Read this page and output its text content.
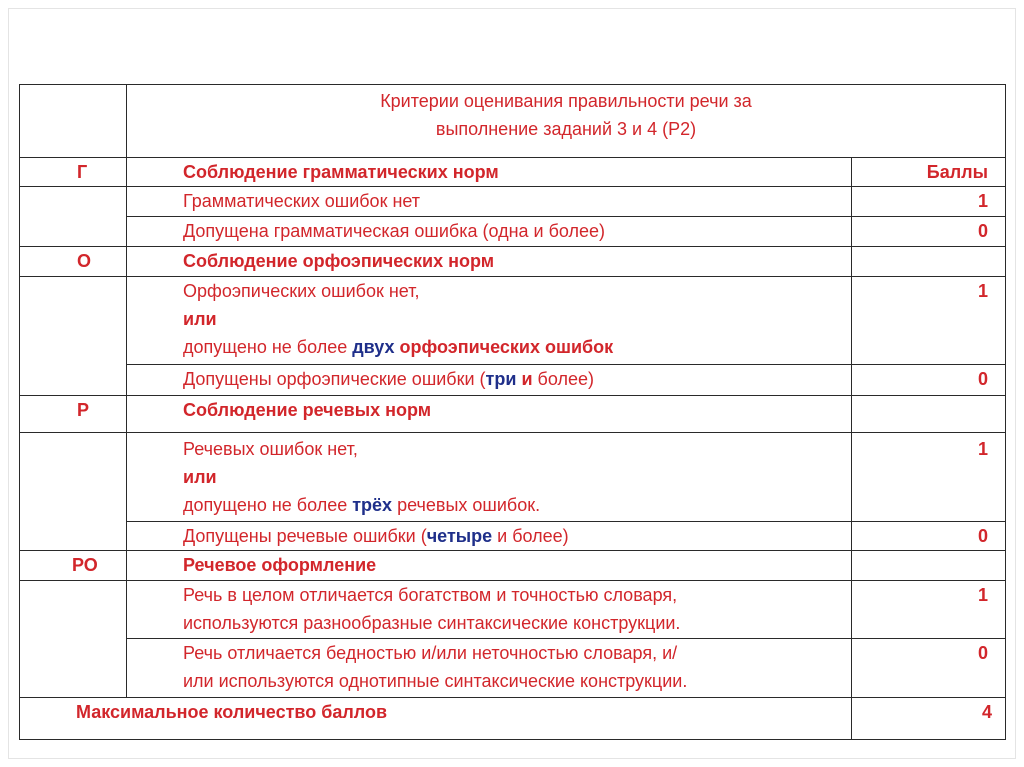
	Критерии оценивания правильности речи за
выполнение заданий 3 и 4 (Р2)	

Г	Соблюдение грамматических норм	Баллы
	Грамматических ошибок нет	1
	Допущена грамматическая ошибка (одна и более)	0
О	Соблюдение орфоэпических норм	

	Орфоэпических ошибок нет,
или
допущено не более двух орфоэпических ошибок	1
	Допущены орфоэпические ошибки (три и более)	0
Р	Соблюдение речевых норм	

	Речевых ошибок нет,
или
допущено не более трёх речевых ошибок.	1
	Допущены речевые ошибки (четыре и более)	0
РО	Речевое оформление	

	Речь в целом отличается богатством и точностью словаря,
используются разнообразные синтаксические конструкции.	1

	Речь отличается бедностью и/или неточностью словаря, и/
или используются однотипные синтаксические конструкции.	0
Максимальное количество баллов		4
